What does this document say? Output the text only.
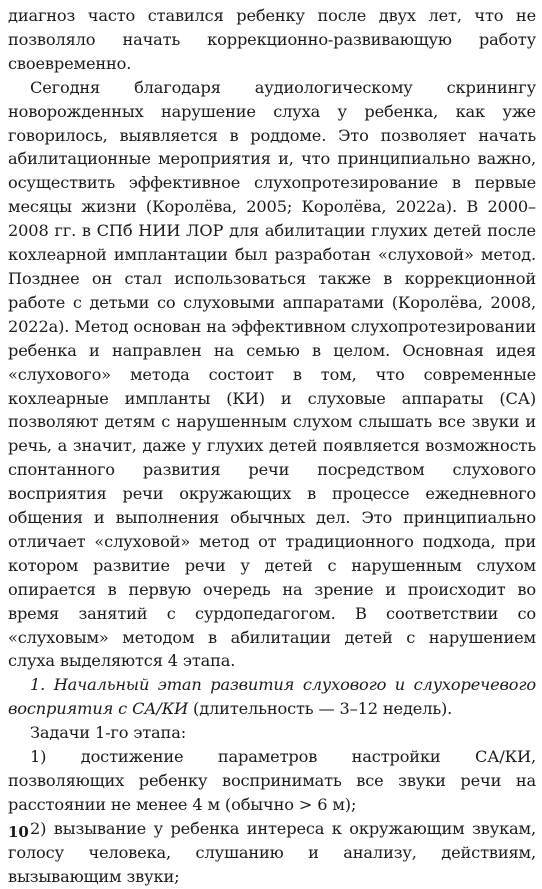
диагноз часто ставился ребенку после двух лет, что не позволяло начать коррекционно-развивающую работу своевременно.

Сегодня благодаря аудиологическому скринингу новорожденных нарушение слуха у ребенка, как уже говорилось, выявляется в роддоме. Это позволяет начать абилитационные мероприятия и, что принципиально важно, осуществить эффективное слухопротезирование в первые месяцы жизни (Королёва, 2005; Королёва, 2022а). В 2000–2008 гг. в СПб НИИ ЛОР для абилитации глухих детей после кохлеарной имплантации был разработан «слуховой» метод. Позднее он стал использоваться также в коррекционной работе с детьми со слуховыми аппаратами (Королёва, 2008, 2022а). Метод основан на эффективном слухопротезировании ребенка и направлен на семью в целом. Основная идея «слухового» метода состоит в том, что современные кохлеарные импланты (КИ) и слуховые аппараты (СА) позволяют детям с нарушенным слухом слышать все звуки и речь, а значит, даже у глухих детей появляется возможность спонтанного развития речи посредством слухового восприятия речи окружающих в процессе ежедневного общения и выполнения обычных дел. Это принципиально отличает «слуховой» метод от традиционного подхода, при котором развитие речи у детей с нарушенным слухом опирается в первую очередь на зрение и происходит во время занятий с сурдопедагогом. В соответствии со «слуховым» методом в абилитации детей с нарушением слуха выделяются 4 этапа.

1. Начальный этап развития слухового и слухоречевого восприятия с СА/КИ (длительность — 3–12 недель).

Задачи 1-го этапа:

1) достижение параметров настройки СА/КИ, позволяющих ребенку воспринимать все звуки речи на расстоянии не менее 4 м (обычно > 6 м);

2) вызывание у ребенка интереса к окружающим звукам, голосу человека, слушанию и анализу, действиям, вызывающим звуки;

10
